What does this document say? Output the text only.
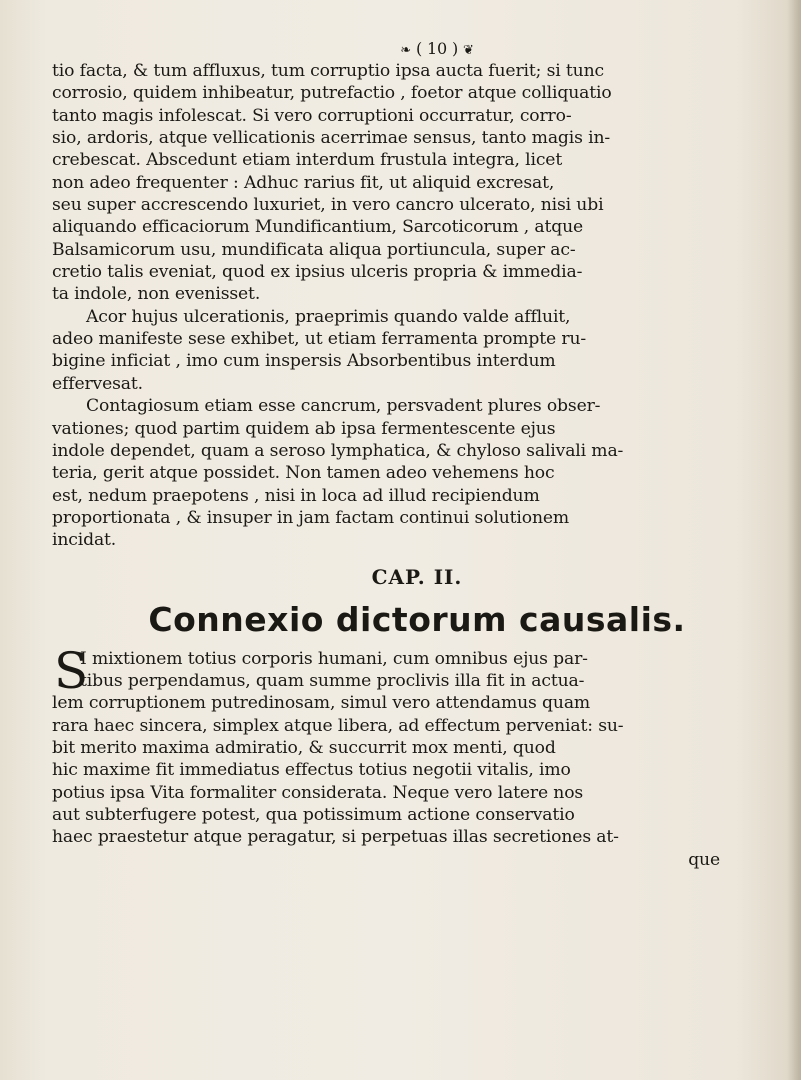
❧ ( 10 ) ❦
tio facta, & tum affluxus, tum corruptio ipsa aucta fuerit; si tunc
corrosio, quidem inhibeatur, putrefactio , foetor atque colliquatio
tanto magis infolescat. Si vero corruptioni occurratur, corro-
sio, ardoris, atque vellicationis acerrimae sensus, tanto magis in-
crebescat. Abscedunt etiam interdum frustula integra, licet
non adeo frequenter : Adhuc rarius fit, ut aliquid excresat,
seu super accrescendo luxuriet, in vero cancro ulcerato, nisi ubi
aliquando efficaciorum Mundificantium, Sarcoticorum , atque
Balsamicorum usu, mundificata aliqua portiuncula, super ac-
cretio talis eveniat, quod ex ipsius ulceris propria & immedia-
ta indole, non evenisset.
Acor hujus ulcerationis, praeprimis quando valde affluit,
adeo manifeste sese exhibet, ut etiam ferramenta prompte ru-
bigine inficiat , imo cum inspersis Absorbentibus interdum
effervesat.
Contagiosum etiam esse cancrum, persvadent plures obser-
vationes; quod partim quidem ab ipsa fermentescente ejus
indole dependet, quam a seroso lymphatica, & chyloso salivali ma-
teria, gerit atque possidet. Non tamen adeo vehemens hoc
est, nedum praepotens , nisi in loca ad illud recipiendum
proportionata , & insuper in jam factam continui solutionem
incidat.
CAP. II.
Connexio dictorum causalis.
S
I mixtionem totius corporis humani, cum omnibus ejus par-
tibus perpendamus, quam summe proclivis illa fit in actua-
lem corruptionem putredinosam, simul vero attendamus quam
rara haec sincera, simplex atque libera, ad effectum perveniat: su-
bit merito maxima admiratio, & succurrit mox menti, quod
hic maxime fit immediatus effectus totius negotii vitalis, imo
potius ipsa Vita formaliter considerata. Neque vero latere nos
aut subterfugere potest, qua potissimum actione conservatio
haec praestetur atque peragatur, si perpetuas illas secretiones at-
que
